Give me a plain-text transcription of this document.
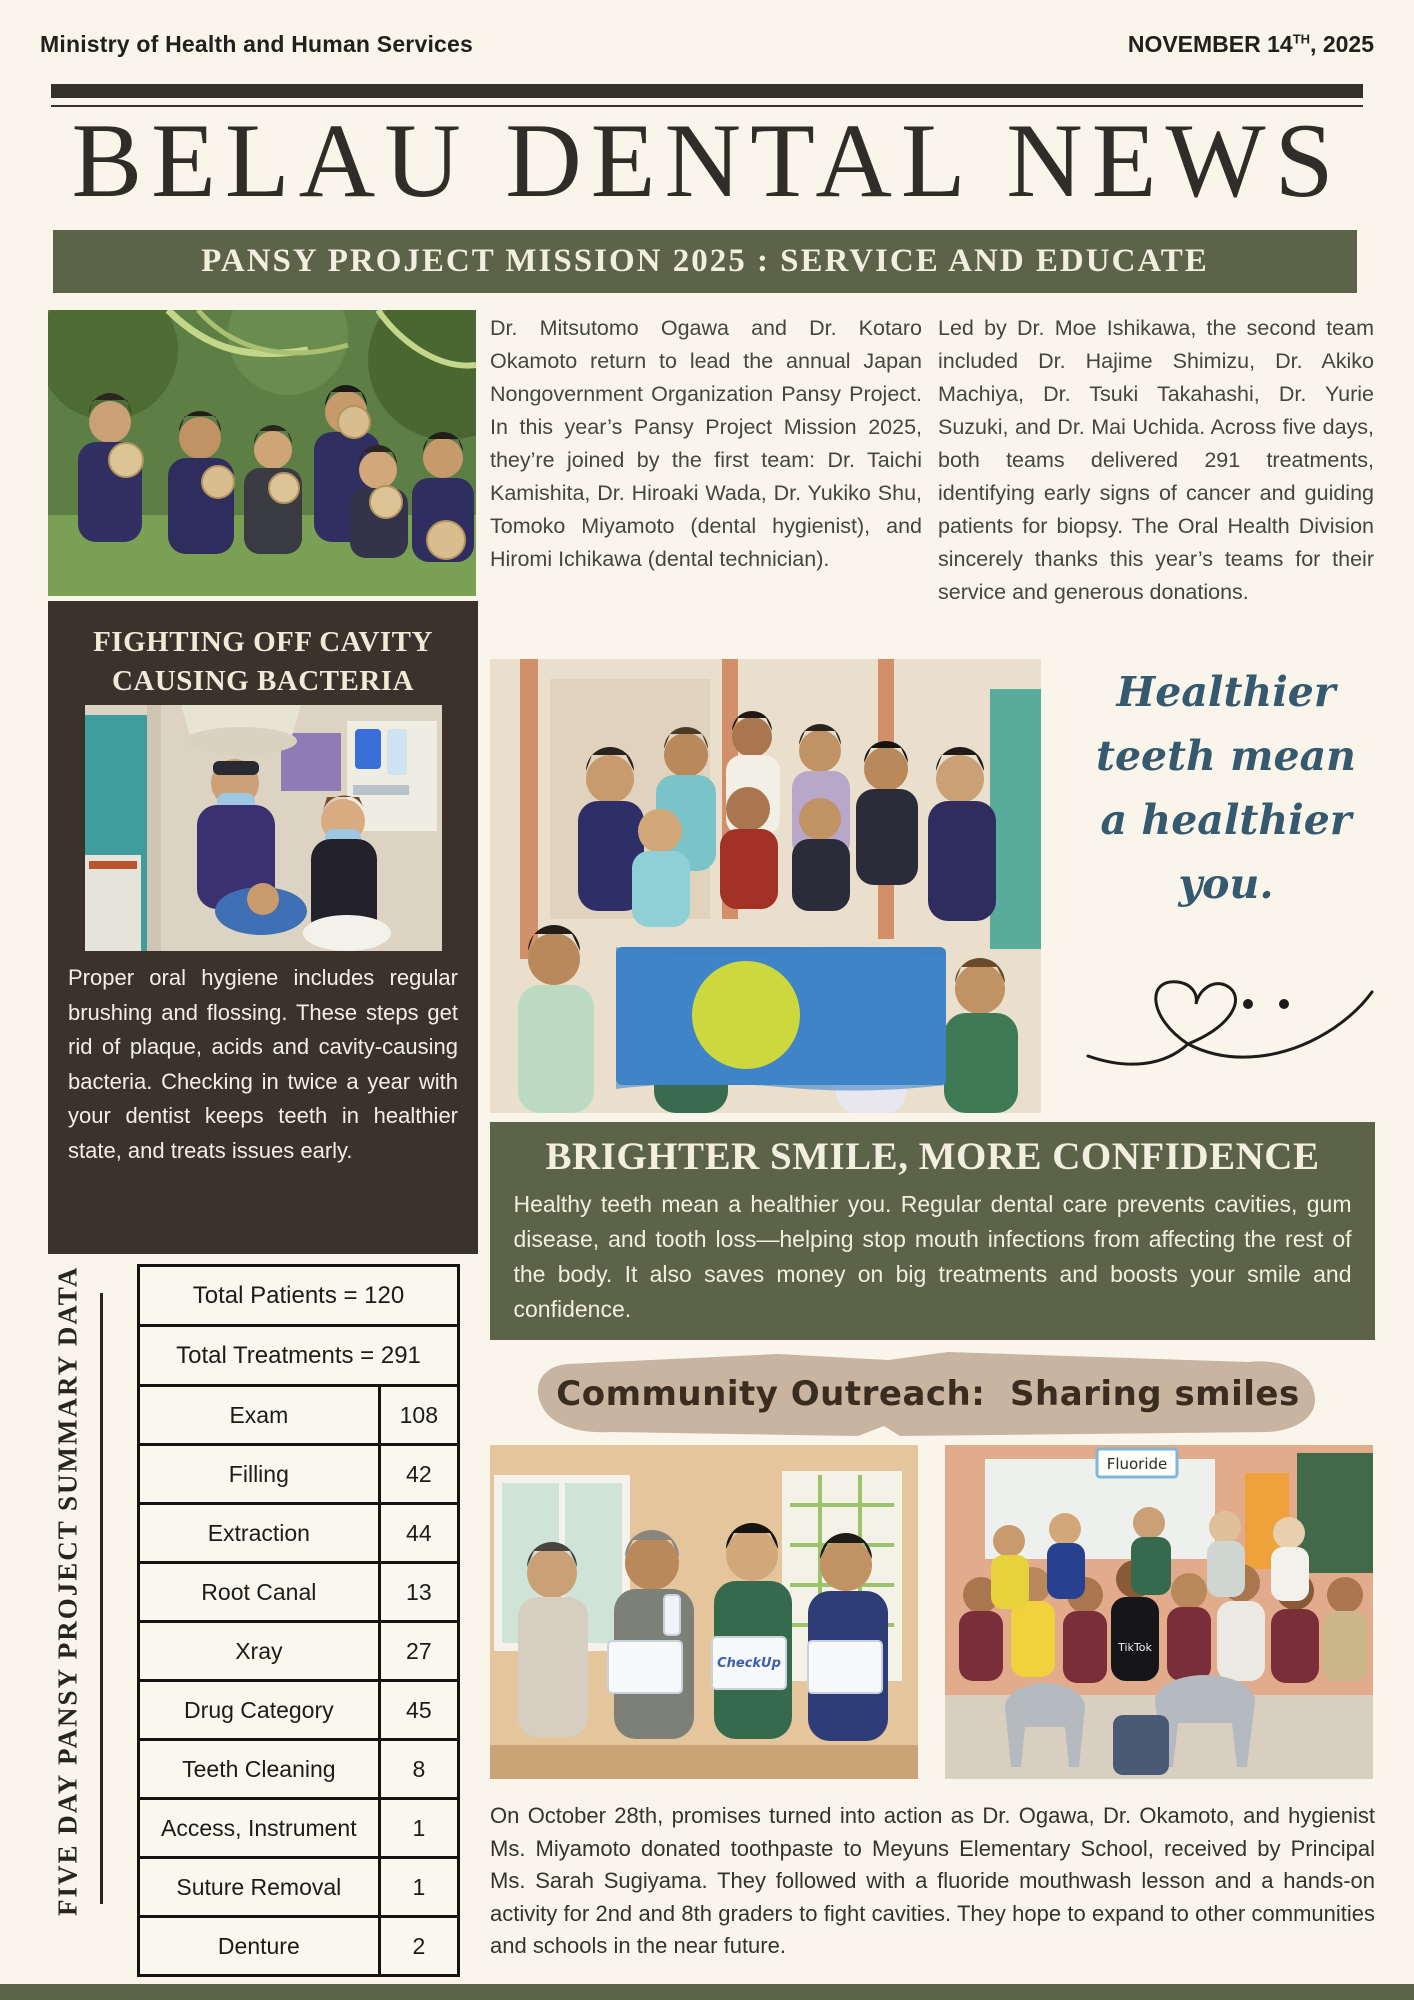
Ministry of Health and Human Services	NOVEMBER 14TH, 2025
BELAU DENTAL NEWS
PANSY PROJECT MISSION 2025 : SERVICE AND EDUCATE
Dr. Mitsutomo Ogawa and Dr. Kotaro Okamoto return to lead the annual Japan Nongovernment Organization Pansy Project. In this year’s Pansy Project Mission 2025, they’re joined by the first team: Dr. Taichi Kamishita, Dr. Hiroaki Wada, Dr. Yukiko Shu, Tomoko Miyamoto (dental hygienist), and Hiromi Ichikawa (dental technician).
Led by Dr. Moe Ishikawa, the second team included Dr. Hajime Shimizu, Dr. Akiko Machiya, Dr. Tsuki Takahashi, Dr. Yurie Suzuki, and Dr. Mai Uchida. Across five days, both teams delivered 291 treatments, identifying early signs of cancer and guiding patients for biopsy. The Oral Health Division sincerely thanks this year’s teams for their service and generous donations.
FIGHTING OFF CAVITY
CAUSING BACTERIA
Proper oral hygiene includes regular brushing and flossing. These steps get rid of plaque, acids and cavity-causing bacteria. Checking in twice a year with your dentist keeps teeth in healthier state, and treats issues early.
Healthier
teeth mean
a healthier
you.
BRIGHTER SMILE, MORE CONFIDENCE
Healthy teeth mean a healthier you. Regular dental care prevents cavities, gum disease, and tooth loss—helping stop mouth infections from affecting the rest of the body. It also saves money on big treatments and boosts your smile and confidence.
Community Outreach:  Sharing smiles
CheckUp
Fluoride
TikTok
On October 28th, promises turned into action as Dr. Ogawa, Dr. Okamoto, and hygienist Ms. Miyamoto donated toothpaste to Meyuns Elementary School, received by Principal Ms. Sarah Sugiyama. They followed with a fluoride mouthwash lesson and a hands-on activity for 2nd and 8th graders to fight cavities. They hope to expand to other communities and schools in the near future.
FIVE DAY PANSY PROJECT SUMMARY DATA	Total Patients = 120	
Total Treatments = 291	
Exam	108
Filling	42
Extraction	44
Root Canal	13
Xray	27
Drug Category	45
Teeth Cleaning	8
Access, Instrument	1
Suture Removal	1
Denture	2
